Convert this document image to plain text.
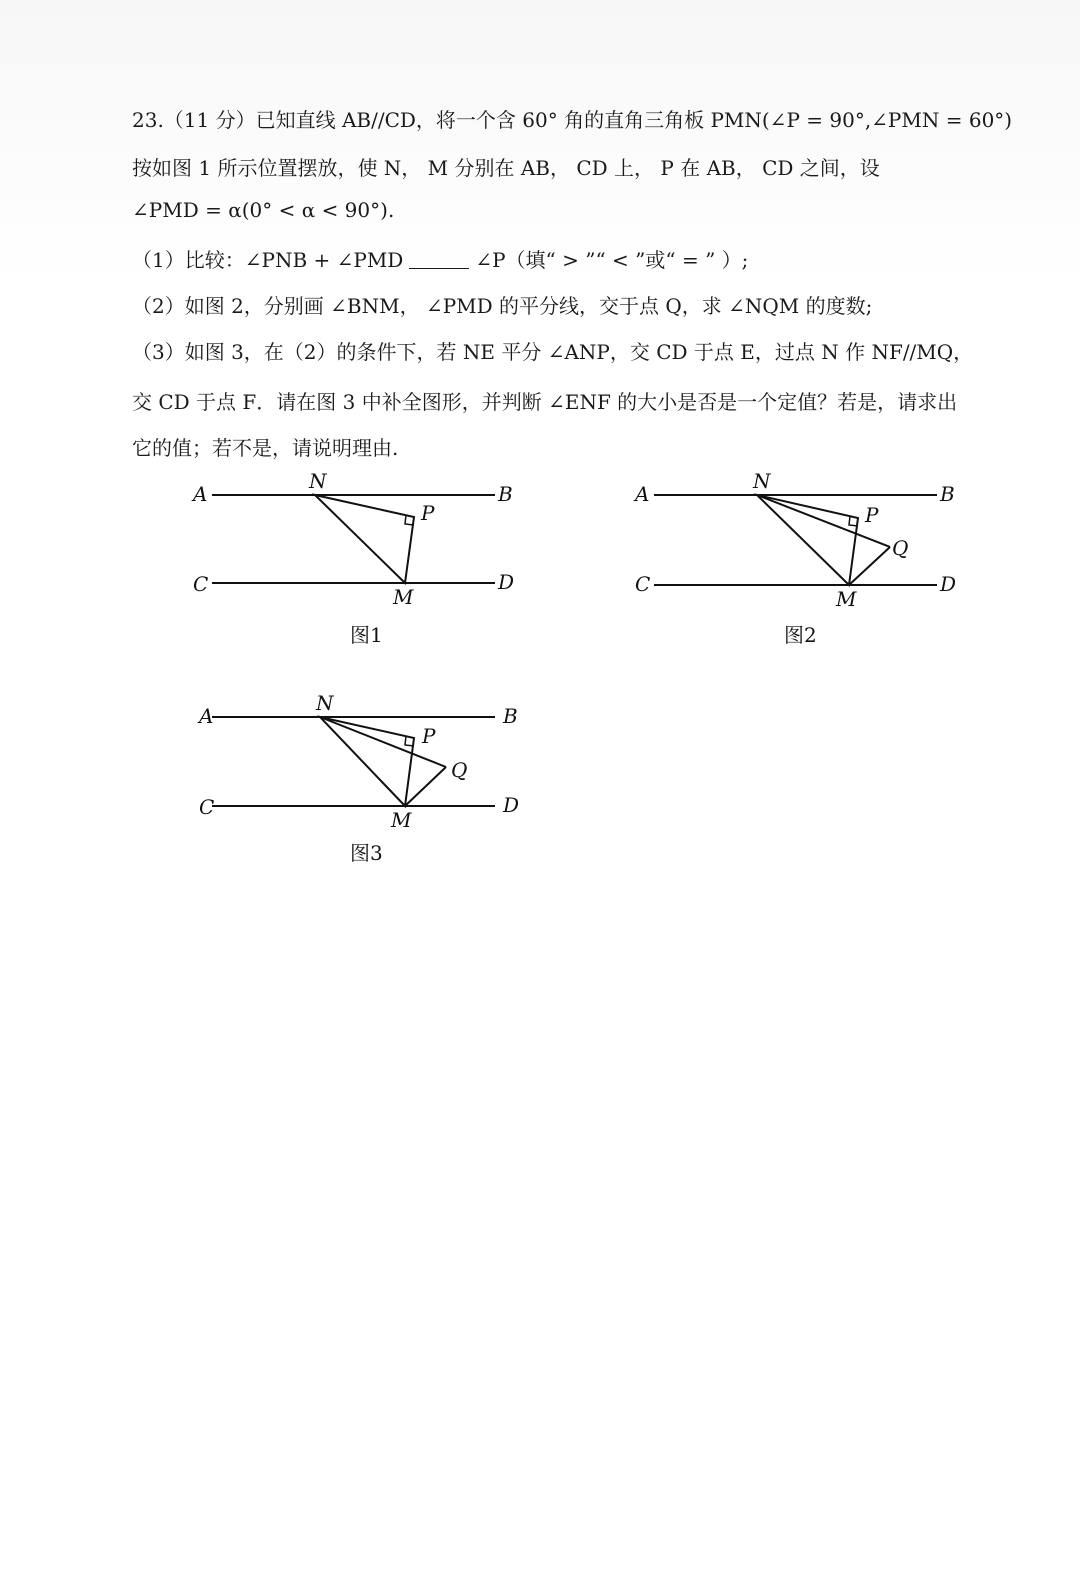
23.（11 分）已知直线 AB//CD，将一个含 60° 角的直角三角板 PMN(∠P = 90°,∠PMN = 60°)
按如图 1 所示位置摆放，使 N， M 分别在 AB， CD 上， P 在 AB， CD 之间，设
∠PMD = α(0° < α < 90°).
（1）比较：∠PNB + ∠PMD	∠P（填“ > ”“ < ”或“ = ” ）;
（2）如图 2，分别画 ∠BNM， ∠PMD 的平分线，交于点 Q，求 ∠NQM 的度数;
（3）如图 3，在（2）的条件下，若 NE 平分 ∠ANP，交 CD 于点 E，过点 N 作 NF//MQ，
交 CD 于点 F．请在图 3 中补全图形，并判断 ∠ENF 的大小是否是一个定值？若是，请求出
它的值；若不是，请说明理由.
A	B
C	D
N
M
P
图1
A	B
C	D
N
M
P
Q
图2
A	B
C	D
N
M
P
Q
图3
